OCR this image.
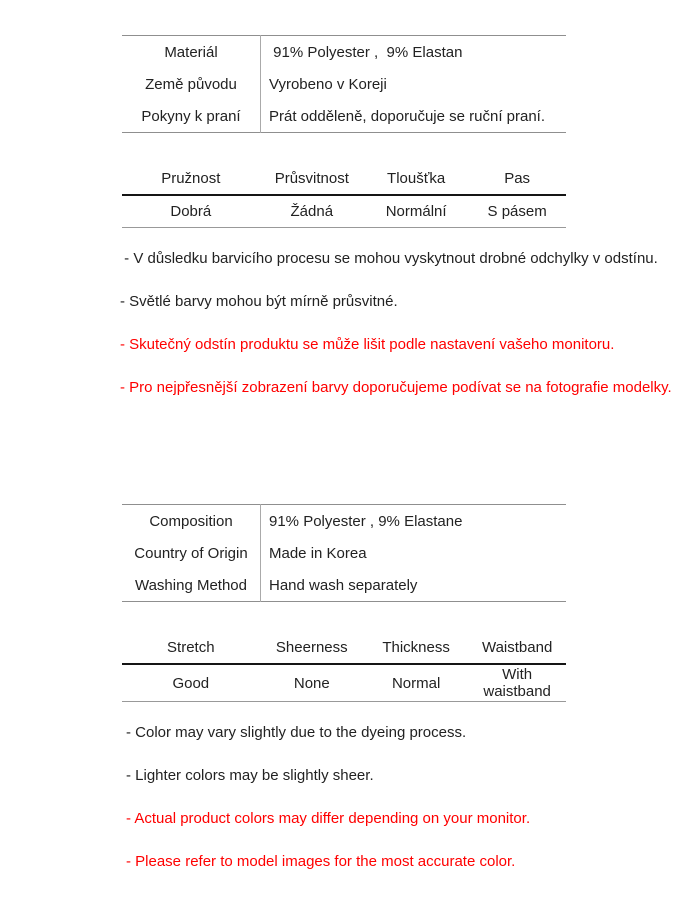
Materiál	91% Polyester ,  9% Elastan
Země původu	Vyrobeno v Koreji
Pokyny k praní	Prát odděleně, doporučuje se ruční praní.
Pružnost	Průsvitnost	Tloušťka	Pas
Dobrá	Žádná	Normální	S pásem

- V důsledku barvicího procesu se mohou vyskytnout drobné odchylky v odstínu.

- Světlé barvy mohou být mírně průsvitné.

- Skutečný odstín produktu se může lišit podle nastavení vašeho monitoru.

- Pro nejpřesnější zobrazení barvy doporučujeme podívat se na fotografie modelky.

Composition	91% Polyester , 9% Elastane
Country of Origin	Made in Korea
Washing Method	Hand wash separately
Stretch	Sheerness	Thickness	Waistband
Good	None	Normal	With waistband

- Color may vary slightly due to the dyeing process.

- Lighter colors may be slightly sheer.

- Actual product colors may differ depending on your monitor.

- Please refer to model images for the most accurate color.
